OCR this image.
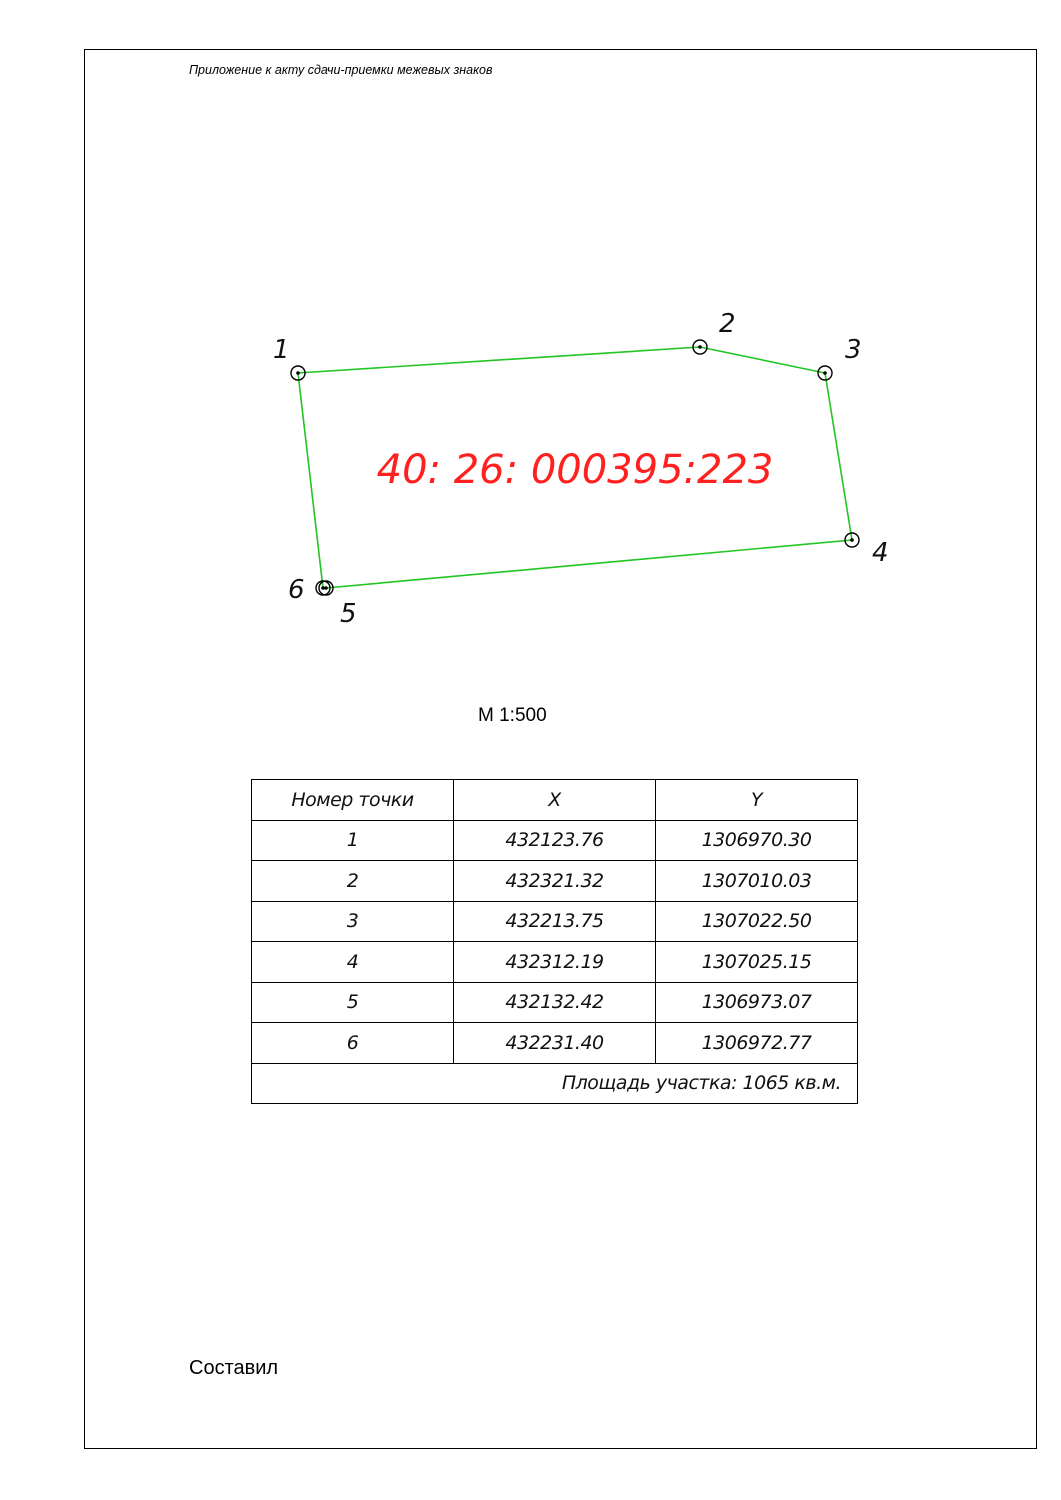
Приложение к акту сдачи-приемки межевых знаков
1
2
3
4
5
6
40: 26: 000395:223
М 1:500
Номер точки	X	Y
1	432123.76	1306970.30
2	432321.32	1307010.03
3	432213.75	1307022.50
4	432312.19	1307025.15
5	432132.42	1306973.07
6	432231.40	1306972.77
Площадь участка: 1065 кв.м.		
Составил
